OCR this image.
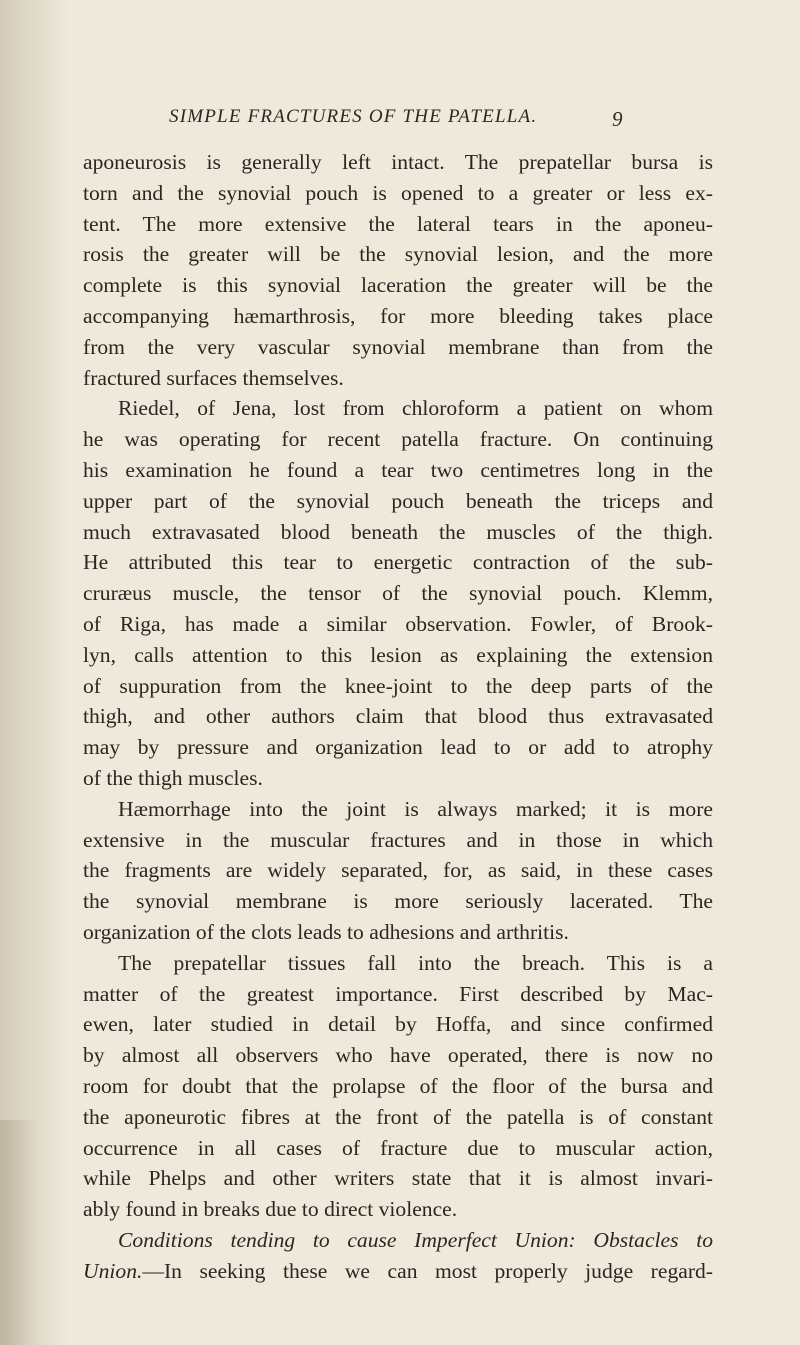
SIMPLE FRACTURES OF THE PATELLA.	9
aponeurosis is generally left intact. The prepatellar bursa is
torn and the synovial pouch is opened to a greater or less ex-
tent. The more extensive the lateral tears in the aponeu-
rosis the greater will be the synovial lesion, and the more
complete is this synovial laceration the greater will be the
accompanying hæmarthrosis, for more bleeding takes place
from the very vascular synovial membrane than from the
fractured surfaces themselves.
Riedel, of Jena, lost from chloroform a patient on whom
he was operating for recent patella fracture. On continuing
his examination he found a tear two centimetres long in the
upper part of the synovial pouch beneath the triceps and
much extravasated blood beneath the muscles of the thigh.
He attributed this tear to energetic contraction of the sub-
cruræus muscle, the tensor of the synovial pouch. Klemm,
of Riga, has made a similar observation. Fowler, of Brook-
lyn, calls attention to this lesion as explaining the extension
of suppuration from the knee-joint to the deep parts of the
thigh, and other authors claim that blood thus extravasated
may by pressure and organization lead to or add to atrophy
of the thigh muscles.
Hæmorrhage into the joint is always marked; it is more
extensive in the muscular fractures and in those in which
the fragments are widely separated, for, as said, in these cases
the synovial membrane is more seriously lacerated. The
organization of the clots leads to adhesions and arthritis.
The prepatellar tissues fall into the breach. This is a
matter of the greatest importance. First described by Mac-
ewen, later studied in detail by Hoffa, and since confirmed
by almost all observers who have operated, there is now no
room for doubt that the prolapse of the floor of the bursa and
the aponeurotic fibres at the front of the patella is of constant
occurrence in all cases of fracture due to muscular action,
while Phelps and other writers state that it is almost invari-
ably found in breaks due to direct violence.
Conditions tending to cause Imperfect Union: Obstacles to
Union.—In seeking these we can most properly judge regard-
